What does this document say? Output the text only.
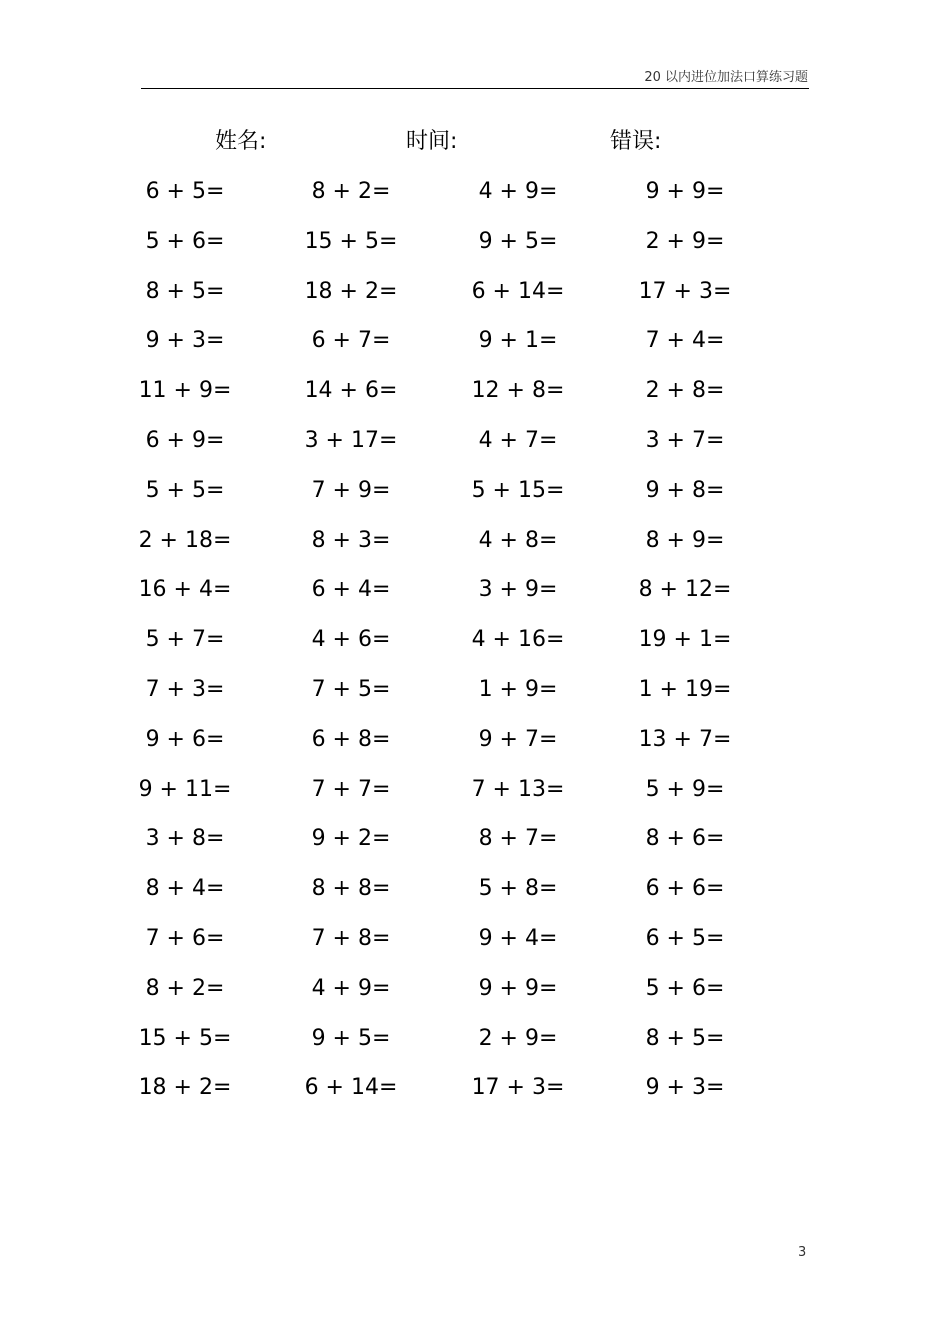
20 以内进位加法口算练习题
姓名:	时间:	错误:
6 + 5=	8 + 2=	4 + 9=	9 + 9=
5 + 6=	15 + 5=	9 + 5=	2 + 9=
8 + 5=	18 + 2=	6 + 14=	17 + 3=
9 + 3=	6 + 7=	9 + 1=	7 + 4=
11 + 9=	14 + 6=	12 + 8=	2 + 8=
6 + 9=	3 + 17=	4 + 7=	3 + 7=
5 + 5=	7 + 9=	5 + 15=	9 + 8=
2 + 18=	8 + 3=	4 + 8=	8 + 9=
16 + 4=	6 + 4=	3 + 9=	8 + 12=
5 + 7=	4 + 6=	4 + 16=	19 + 1=
7 + 3=	7 + 5=	1 + 9=	1 + 19=
9 + 6=	6 + 8=	9 + 7=	13 + 7=
9 + 11=	7 + 7=	7 + 13=	5 + 9=
3 + 8=	9 + 2=	8 + 7=	8 + 6=
8 + 4=	8 + 8=	5 + 8=	6 + 6=
7 + 6=	7 + 8=	9 + 4=	6 + 5=
8 + 2=	4 + 9=	9 + 9=	5 + 6=
15 + 5=	9 + 5=	2 + 9=	8 + 5=
18 + 2=	6 + 14=	17 + 3=	9 + 3=
3
